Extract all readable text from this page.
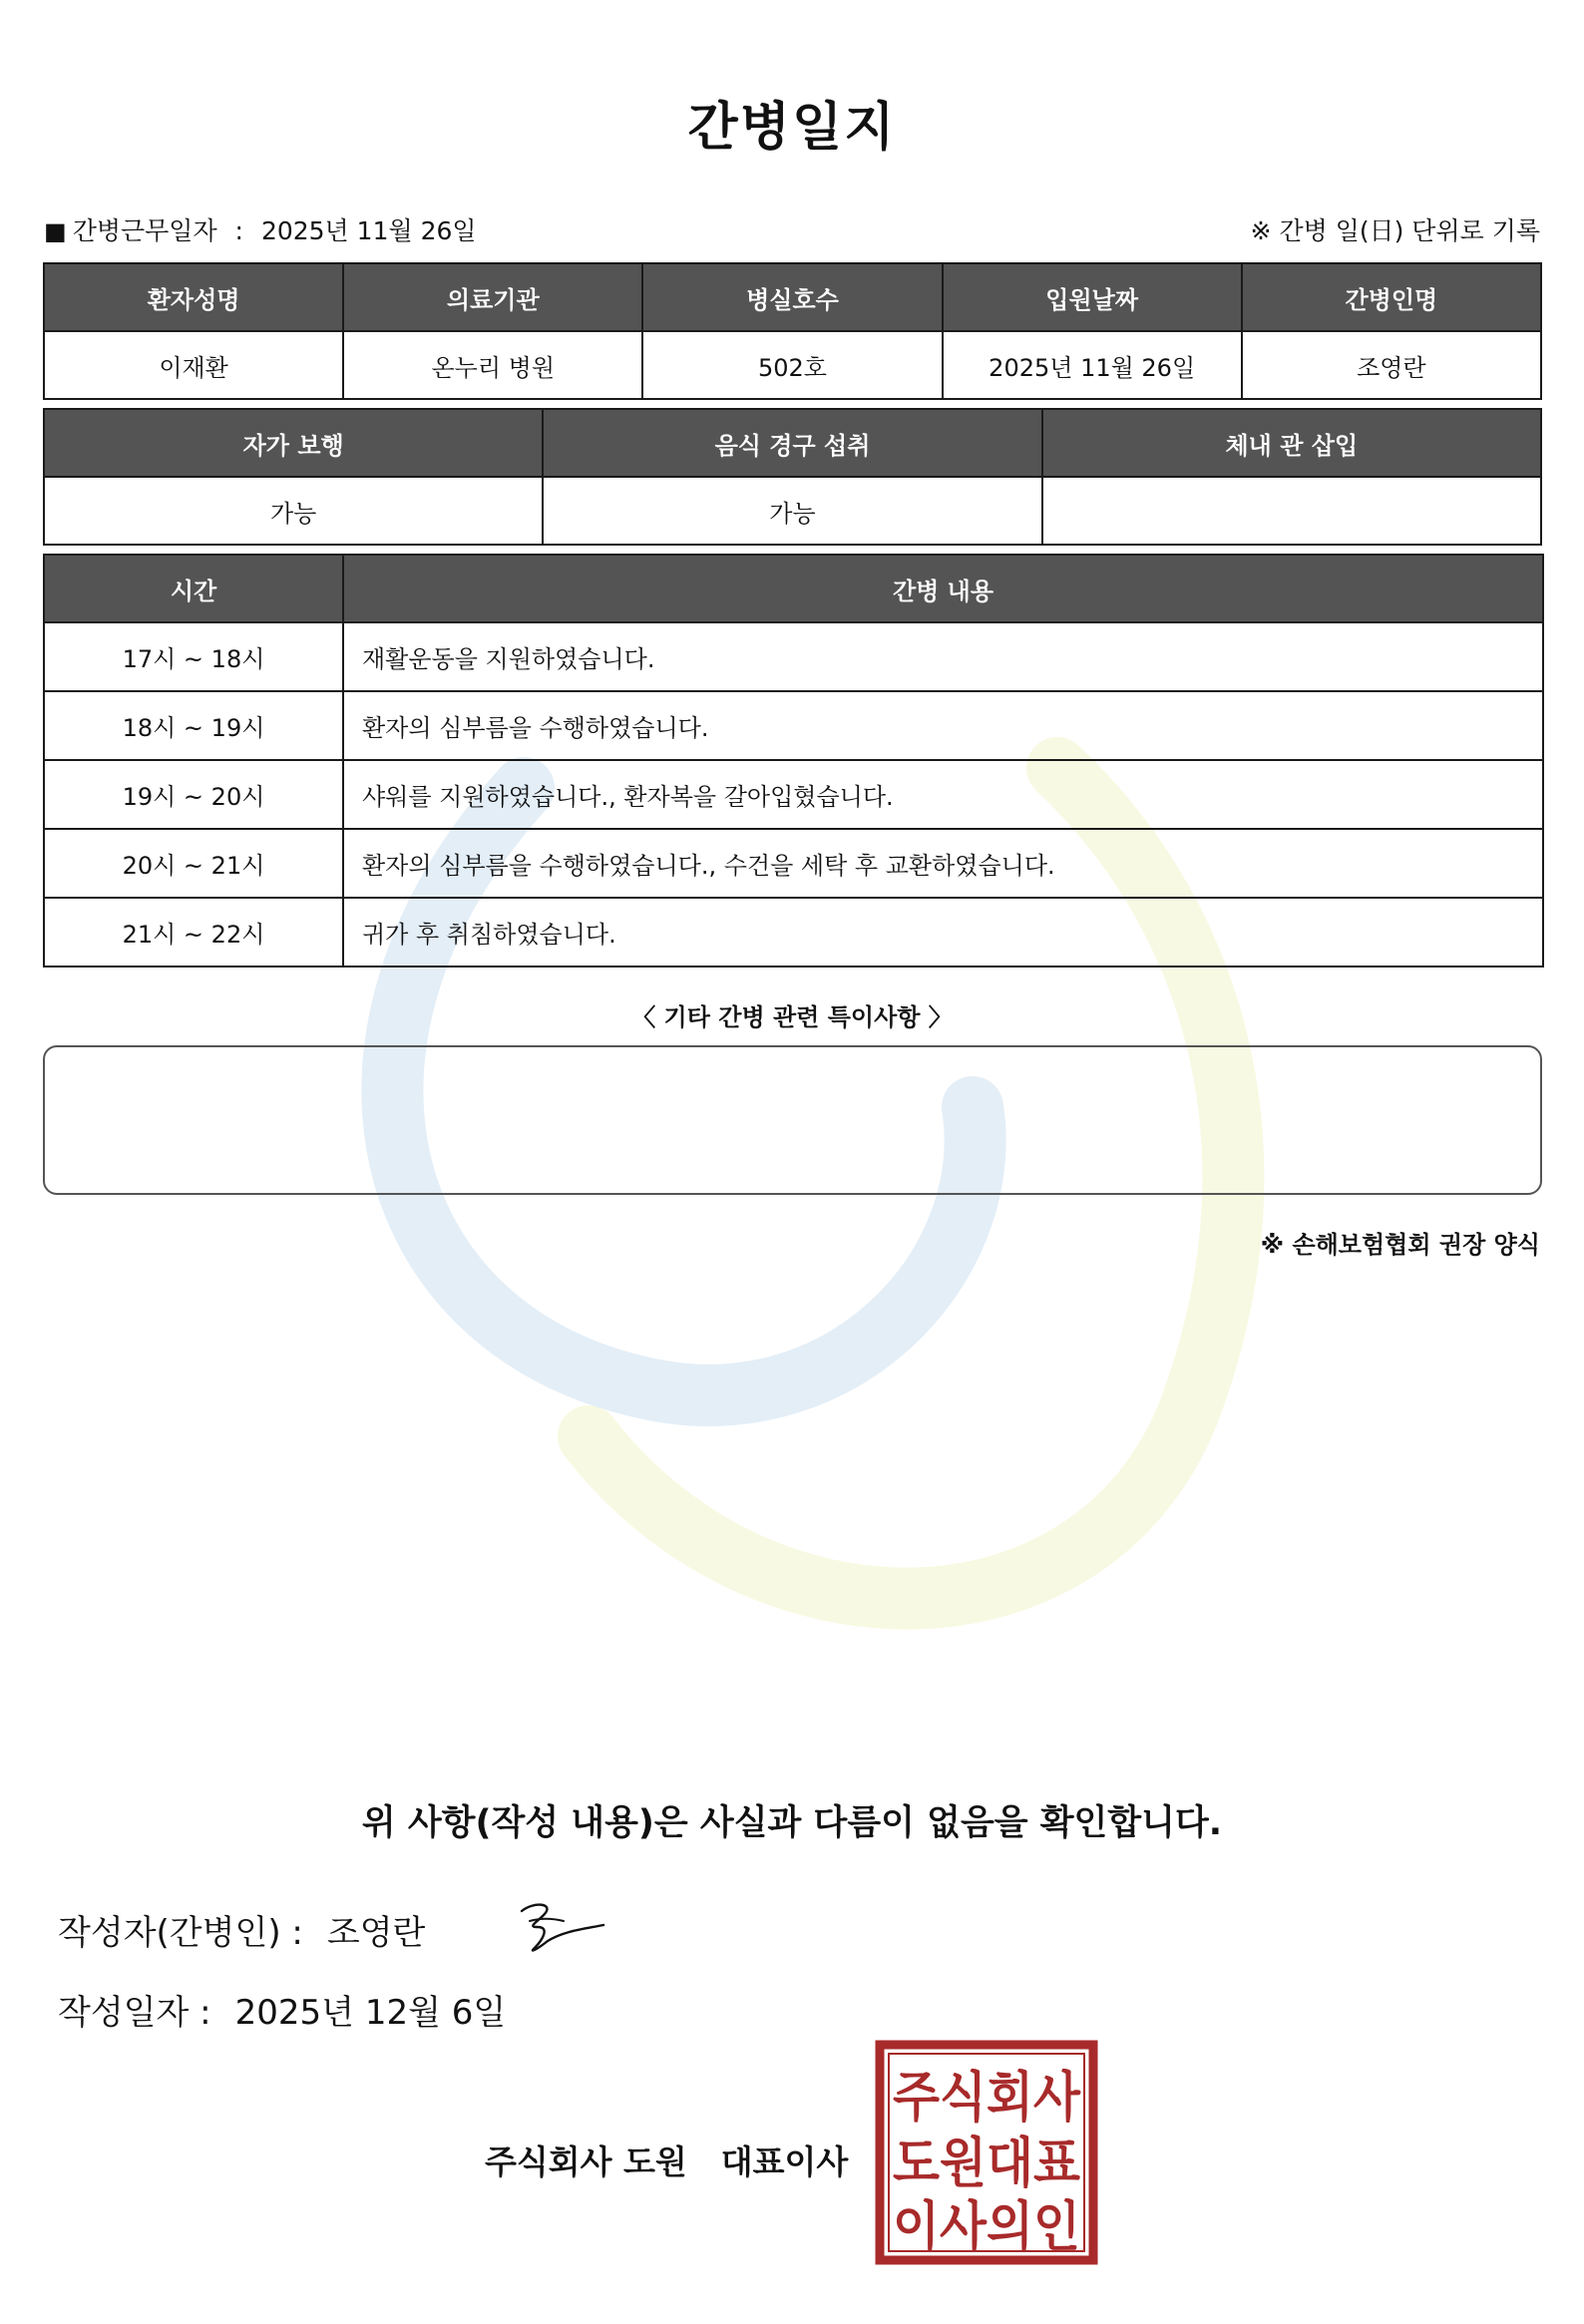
간병일지
■ 간병근무일자 : 2025년 11월 26일	※ 간병 일(日) 단위로 기록
환자성명	의료기관	병실호수	입원날짜	간병인명
이재환	온누리 병원	502호	2025년 11월 26일	조영란
자가 보행	음식 경구 섭취	체내 관 삽입
가능	가능	
시간	간병 내용
17시 ~ 18시	재활운동을 지원하였습니다.
18시 ~ 19시	환자의 심부름을 수행하였습니다.
19시 ~ 20시	샤워를 지원하였습니다., 환자복을 갈아입혔습니다.
20시 ~ 21시	환자의 심부름을 수행하였습니다., 수건을 세탁 후 교환하였습니다.
21시 ~ 22시	귀가 후 취침하였습니다.
〈 기타 간병 관련 특이사항 〉
※ 손해보험협회 권장 양식
위 사항(작성 내용)은 사실과 다름이 없음을 확인합니다.
작성자(간병인) : 조영란
작성일자 : 2025년 12월 6일
주식회사 도원 대표이사
주식회사
도원대표
이사의인
